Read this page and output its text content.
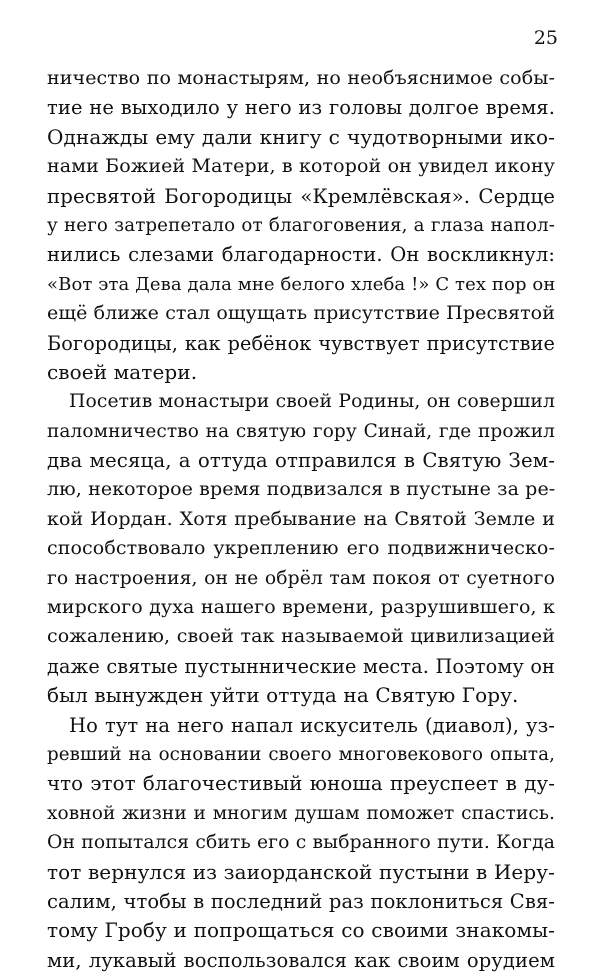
25
ничество по монастырям, но необъяснимое собы-
тие не выходило у него из головы долгое время.
Однажды ему дали книгу с чудотворными ико-
нами Божией Матери, в которой он увидел икону
пресвятой Богородицы «Кремлёвская». Сердце
у него затрепетало от благоговения, а глаза напол-
нились слезами благодарности. Он воскликнул:
«Вот эта Дева дала мне белого хлеба !» С тех пор он
ещё ближе стал ощущать присутствие Пресвятой
Богородицы, как ребёнок чувствует присутствие
своей матери.
Посетив монастыри своей Родины, он совершил
паломничество на святую гору Синай, где прожил
два месяца, а оттуда отправился в Святую Зем-
лю, некоторое время подвизался в пустыне за ре-
кой Иордан. Хотя пребывание на Святой Земле и
способствовало укреплению его подвижническо-
го настроения, он не обрёл там покоя от суетного
мирского духа нашего времени, разрушившего, к
сожалению, своей так называемой цивилизацией
даже святые пустыннические места. Поэтому он
был вынужден уйти оттуда на Святую Гору.
Но тут на него напал искуситель (диавол), уз-
ревший на основании своего многовекового опыта,
что этот благочестивый юноша преуспеет в ду-
ховной жизни и многим душам поможет спастись.
Он попытался сбить его с выбранного пути. Когда
тот вернулся из заиорданской пустыни в Иеру-
салим, чтобы в последний раз поклониться Свя-
тому Гробу и попрощаться со своими знакомы-
ми, лукавый воспользовался как своим орудием
